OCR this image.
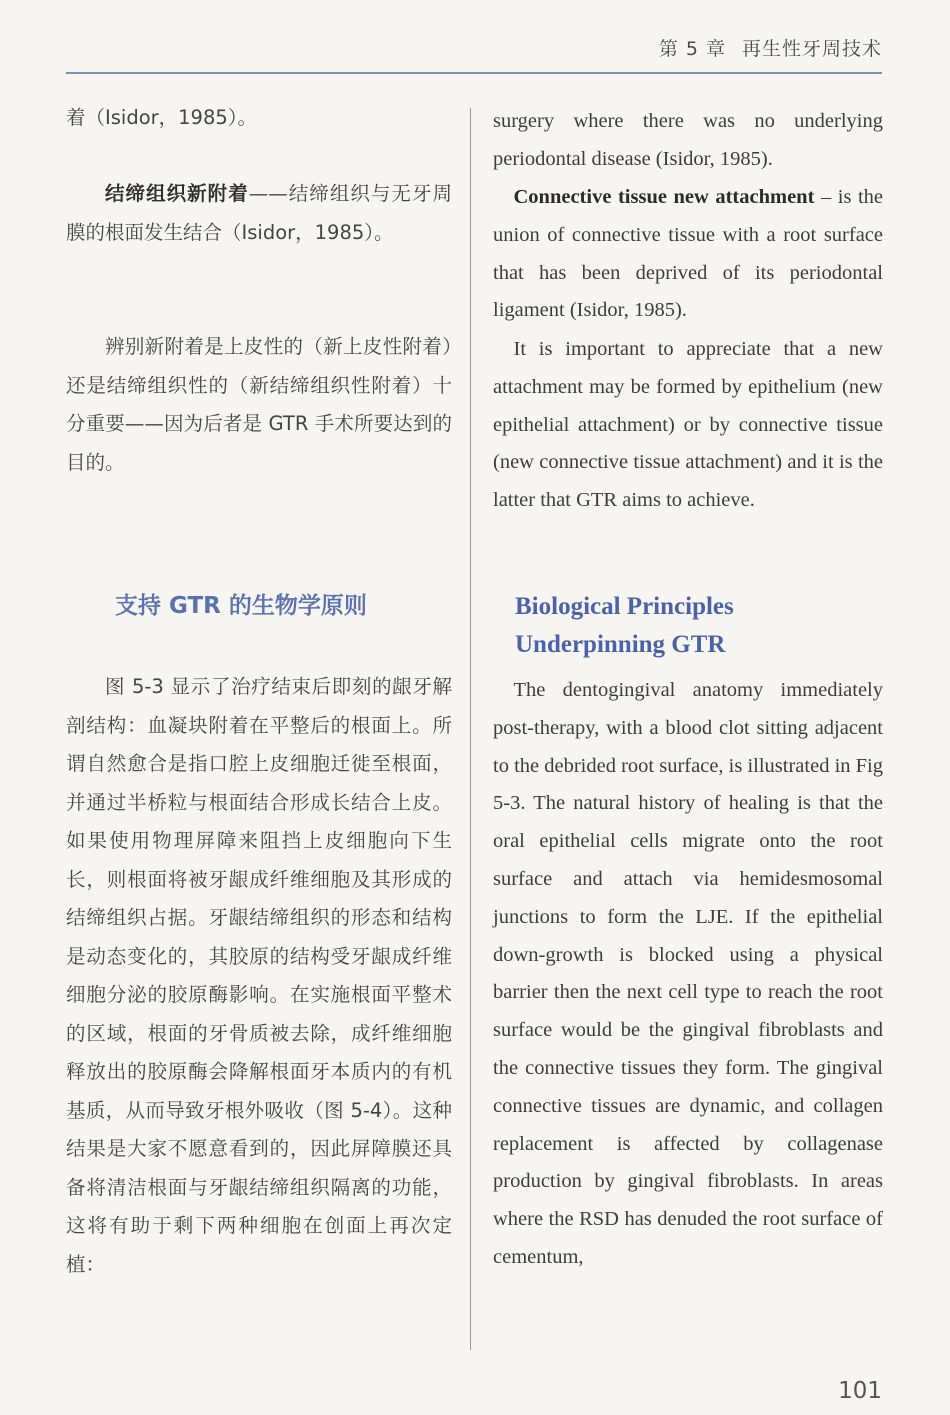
第 5 章 再生性牙周技术

着（Isidor，1985）。

结缔组织新附着——结缔组织与无牙周膜的根面发生结合（Isidor，1985）。

辨别新附着是上皮性的（新上皮性附着）还是结缔组织性的（新结缔组织性附着）十分重要——因为后者是 GTR 手术所要达到的目的。

支持 GTR 的生物学原则

图 5-3 显示了治疗结束后即刻的龈牙解剖结构：血凝块附着在平整后的根面上。所谓自然愈合是指口腔上皮细胞迁徙至根面，并通过半桥粒与根面结合形成长结合上皮。如果使用物理屏障来阻挡上皮细胞向下生长，则根面将被牙龈成纤维细胞及其形成的结缔组织占据。牙龈结缔组织的形态和结构是动态变化的，其胶原的结构受牙龈成纤维细胞分泌的胶原酶影响。在实施根面平整术的区域，根面的牙骨质被去除，成纤维细胞释放出的胶原酶会降解根面牙本质内的有机基质，从而导致牙根外吸收（图 5-4）。这种结果是大家不愿意看到的，因此屏障膜还具备将清洁根面与牙龈结缔组织隔离的功能，这将有助于剩下两种细胞在创面上再次定植：

surgery where there was no underlying periodontal disease (Isidor, 1985).

Connective tissue new attachment – is the union of connective tissue with a root surface that has been deprived of its periodontal ligament (Isidor, 1985).

It is important to appreciate that a new attachment may be formed by epithelium (new epithelial attachment) or by connective tissue (new connective tissue attachment) and it is the latter that GTR aims to achieve.

Biological Principles
Underpinning GTR

The dentogingival anatomy immediately post-therapy, with a blood clot sitting adjacent to the debrided root surface, is illustrated in Fig 5-3. The natural history of healing is that the oral epithelial cells migrate onto the root surface and attach via hemidesmosomal junctions to form the LJE. If the epithelial down-growth is blocked using a physical barrier then the next cell type to reach the root surface would be the gingival fibroblasts and the connective tissues they form. The gingival connective tissues are dynamic, and collagen replacement is affected by collagenase production by gingival fibroblasts. In areas where the RSD has denuded the root surface of cementum,

101
